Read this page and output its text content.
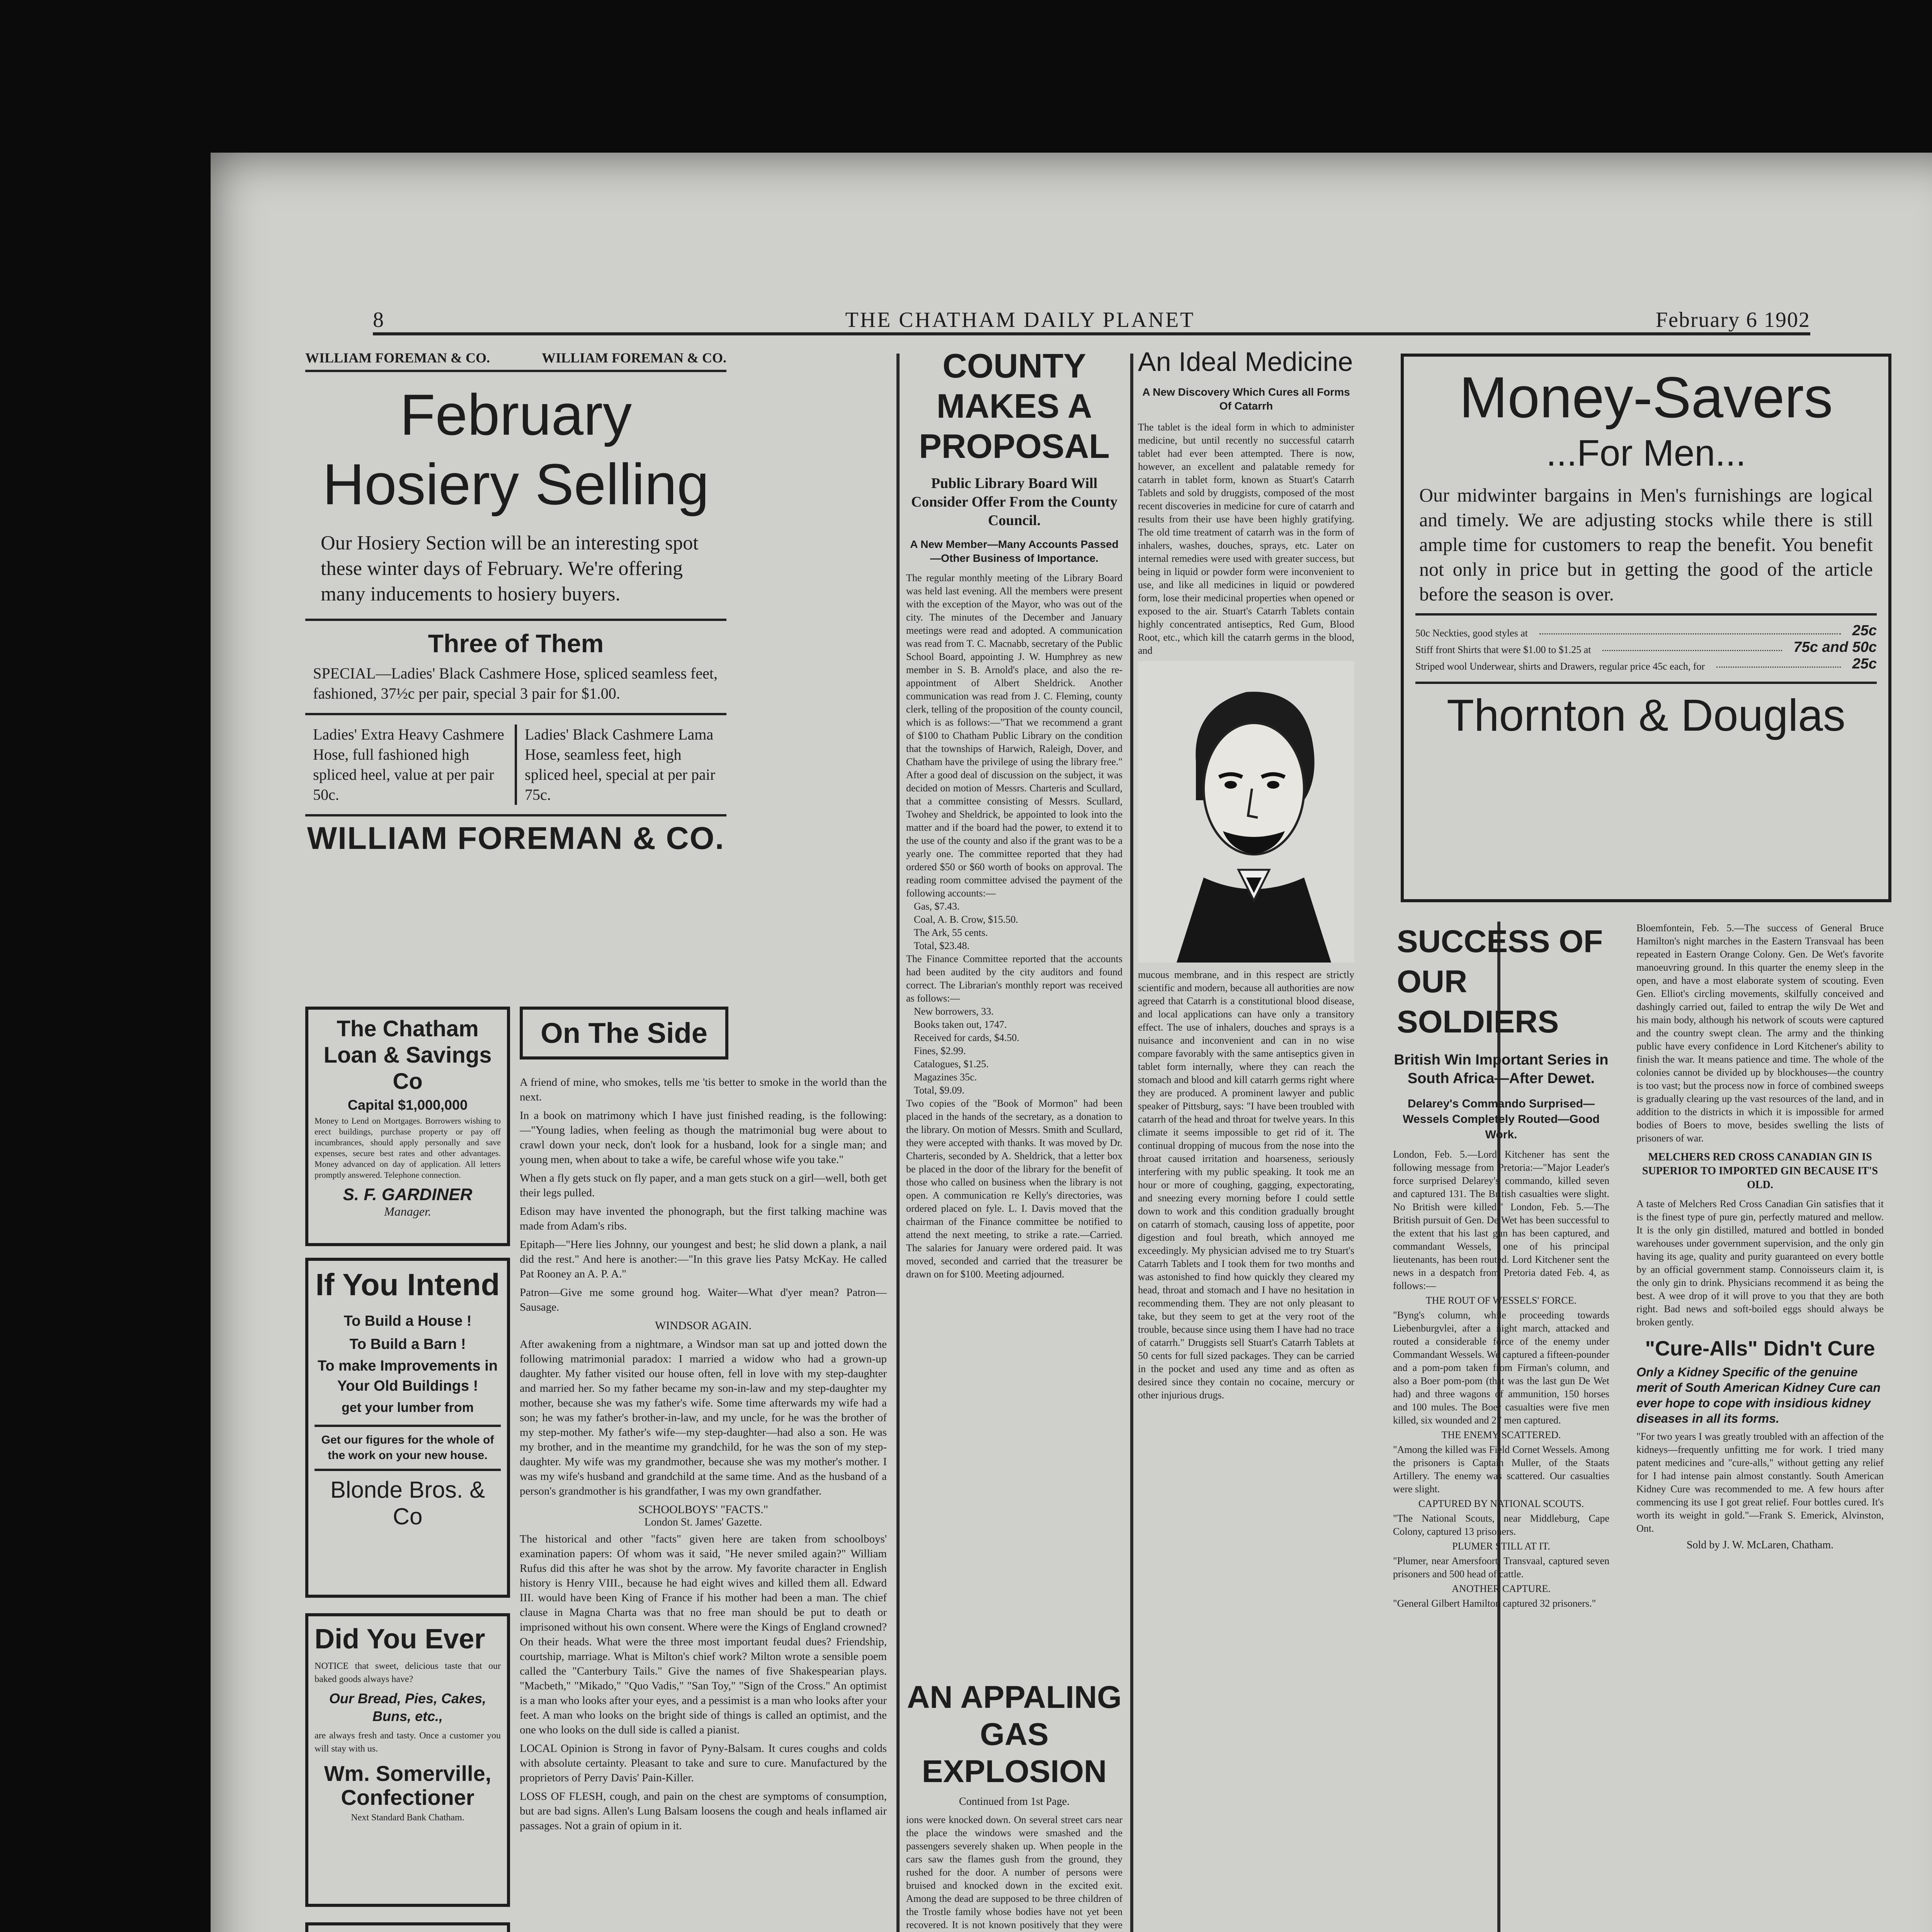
8	THE CHATHAM DAILY PLANET	February 6 1902
WILLIAM FOREMAN & CO.	WILLIAM FOREMAN & CO.
February Hosiery Selling
Our Hosiery Section will be an interesting spot these winter days of February. We're offering many inducements to hosiery buyers.
Three of Them
SPECIAL—Ladies' Black Cashmere Hose, spliced seamless feet, fashioned, 37½c per pair, special 3 pair for $1.00.
Ladies' Extra Heavy Cashmere Hose, full fashioned high spliced heel, value at per pair 50c.
Ladies' Black Cashmere Lama Hose, seamless feet, high spliced heel, special at per pair 75c.
WILLIAM FOREMAN & CO.
The Chatham Loan & Savings Co
Capital $1,000,000
Money to Lend on Mortgages. Borrowers wishing to erect buildings, purchase property or pay off incumbrances, should apply personally and save expenses, secure best rates and other advantages. Money advanced on day of application. All letters promptly answered. Telephone connection.
S. F. GARDINER
Manager.
If You Intend
To Build a House !
To Build a Barn !
To make Improvements in Your Old Buildings !
get your lumber from
Get our figures for the whole of the work on your new house.
Blonde Bros. & Co
Did You Ever
NOTICE that sweet, delicious taste that our baked goods always have?
Our Bread, Pies, Cakes, Buns, etc.,
are always fresh and tasty. Once a customer you will stay with us.
Wm. Somerville, Confectioner
Next Standard Bank Chatham.
On The Side
A friend of mine, who smokes, tells me 'tis better to smoke in the world than the next.
In a book on matrimony which I have just finished reading, is the following:—"Young ladies, when feeling as though the matrimonial bug were about to crawl down your neck, don't look for a husband, look for a single man; and young men, when about to take a wife, be careful whose wife you take."
When a fly gets stuck on fly paper, and a man gets stuck on a girl—well, both get their legs pulled.
Edison may have invented the phonograph, but the first talking machine was made from Adam's ribs.
Epitaph—"Here lies Johnny, our youngest and best; he slid down a plank, a nail did the rest." And here is another:—"In this grave lies Patsy McKay. He called Pat Rooney an A. P. A."
Patron—Give me some ground hog. Waiter—What d'yer mean? Patron—Sausage.
WINDSOR AGAIN.
After awakening from a nightmare, a Windsor man sat up and jotted down the following matrimonial paradox: I married a widow who had a grown-up daughter. My father visited our house often, fell in love with my step-daughter and married her. So my father became my son-in-law and my step-daughter my mother, because she was my father's wife. Some time afterwards my wife had a son; he was my father's brother-in-law, and my uncle, for he was the brother of my step-mother. My father's wife—my step-daughter—had also a son. He was my brother, and in the meantime my grandchild, for he was the son of my step-daughter. My wife was my grandmother, because she was my mother's mother. I was my wife's husband and grandchild at the same time. And as the husband of a person's grandmother is his grandfather, I was my own grandfather.
SCHOOLBOYS' "FACTS."
London St. James' Gazette.
The historical and other "facts" given here are taken from schoolboys' examination papers: Of whom was it said, "He never smiled again?" William Rufus did this after he was shot by the arrow. My favorite character in English history is Henry VIII., because he had eight wives and killed them all. Edward III. would have been King of France if his mother had been a man. The chief clause in Magna Charta was that no free man should be put to death or imprisoned without his own consent. Where were the Kings of England crowned? On their heads. What were the three most important feudal dues? Friendship, courtship, marriage. What is Milton's chief work? Milton wrote a sensible poem called the "Canterbury Tails." Give the names of five Shakespearian plays. "Macbeth," "Mikado," "Quo Vadis," "San Toy," "Sign of the Cross." An optimist is a man who looks after your eyes, and a pessimist is a man who looks after your feet. A man who looks on the bright side of things is called an optimist, and the one who looks on the dull side is called a pianist.
LOCAL Opinion is Strong in favor of Pyny-Balsam. It cures coughs and colds with absolute certainty. Pleasant to take and sure to cure. Manufactured by the proprietors of Perry Davis' Pain-Killer.
LOSS OF FLESH, cough, and pain on the chest are symptoms of consumption, but are bad signs. Allen's Lung Balsam loosens the cough and heals inflamed air passages. Not a grain of opium in it.
COUNTY MAKES A PROPOSAL
Public Library Board Will Consider Offer From the County Council.
A New Member—Many Accounts Passed—Other Business of Importance.
The regular monthly meeting of the Library Board was held last evening. All the members were present with the exception of the Mayor, who was out of the city. The minutes of the December and January meetings were read and adopted. A communication was read from T. C. Macnabb, secretary of the Public School Board, appointing J. W. Humphrey as new member in S. B. Arnold's place, and also the re-appointment of Albert Sheldrick. Another communication was read from J. C. Fleming, county clerk, telling of the proposition of the county council, which is as follows:—"That we recommend a grant of $100 to Chatham Public Library on the condition that the townships of Harwich, Raleigh, Dover, and Chatham have the privilege of using the library free." After a good deal of discussion on the subject, it was decided on motion of Messrs. Charteris and Scullard, that a committee consisting of Messrs. Scullard, Twohey and Sheldrick, be appointed to look into the matter and if the board had the power, to extend it to the use of the county and also if the grant was to be a yearly one. The committee reported that they had ordered $50 or $60 worth of books on approval. The reading room committee advised the payment of the following accounts:—
Gas, $7.43.
Coal, A. B. Crow, $15.50.
The Ark, 55 cents.
Total, $23.48.
The Finance Committee reported that the accounts had been audited by the city auditors and found correct. The Librarian's monthly report was received as follows:—
New borrowers, 33.
Books taken out, 1747.
Received for cards, $4.50.
Fines, $2.99.
Catalogues, $1.25.
Magazines 35c.
Total, $9.09.
Two copies of the "Book of Mormon" had been placed in the hands of the secretary, as a donation to the library. On motion of Messrs. Smith and Scullard, they were accepted with thanks. It was moved by Dr. Charteris, seconded by A. Sheldrick, that a letter box be placed in the door of the library for the benefit of those who called on business when the library is not open. A communication re Kelly's directories, was ordered placed on fyle. L. I. Davis moved that the chairman of the Finance committee be notified to attend the next meeting, to strike a rate.—Carried. The salaries for January were ordered paid. It was moved, seconded and carried that the treasurer be drawn on for $100. Meeting adjourned.
AN APPALING GAS EXPLOSION
Continued from 1st Page.
ions were knocked down. On several street cars near the place the windows were smashed and the passengers severely shaken up. When people in the cars saw the flames gush from the ground, they rushed for the door. A number of persons were bruised and knocked down in the excited exit. Among the dead are supposed to be three children of the Trostle family whose bodies have not yet been recovered. It is not known positively that they were
An Ideal Medicine
A New Discovery Which Cures all Forms Of Catarrh
The tablet is the ideal form in which to administer medicine, but until recently no successful catarrh tablet had ever been attempted. There is now, however, an excellent and palatable remedy for catarrh in tablet form, known as Stuart's Catarrh Tablets and sold by druggists, composed of the most recent discoveries in medicine for cure of catarrh and results from their use have been highly gratifying. The old time treatment of catarrh was in the form of inhalers, washes, douches, sprays, etc. Later on internal remedies were used with greater success, but being in liquid or powder form were inconvenient to use, and like all medicines in liquid or powdered form, lose their medicinal properties when opened or exposed to the air. Stuart's Catarrh Tablets contain highly concentrated antiseptics, Red Gum, Blood Root, etc., which kill the catarrh germs in the blood, and
mucous membrane, and in this respect are strictly scientific and modern, because all authorities are now agreed that Catarrh is a constitutional blood disease, and local applications can have only a transitory effect. The use of inhalers, douches and sprays is a nuisance and inconvenient and can in no wise compare favorably with the same antiseptics given in tablet form internally, where they can reach the stomach and blood and kill catarrh germs right where they are produced. A prominent lawyer and public speaker of Pittsburg, says: "I have been troubled with catarrh of the head and throat for twelve years. In this climate it seems impossible to get rid of it. The continual dropping of mucous from the nose into the throat caused irritation and hoarseness, seriously interfering with my public speaking. It took me an hour or more of coughing, gagging, expectorating, and sneezing every morning before I could settle down to work and this condition gradually brought on catarrh of stomach, causing loss of appetite, poor digestion and foul breath, which annoyed me exceedingly. My physician advised me to try Stuart's Catarrh Tablets and I took them for two months and was astonished to find how quickly they cleared my head, throat and stomach and I have no hesitation in recommending them. They are not only pleasant to take, but they seem to get at the very root of the trouble, because since using them I have had no trace of catarrh." Druggists sell Stuart's Catarrh Tablets at 50 cents for full sized packages. They can be carried in the pocket and used any time and as often as desired since they contain no cocaine, mercury or other injurious drugs.
Money-Savers
...For Men...
Our midwinter bargains in Men's furnishings are logical and timely. We are adjusting stocks while there is still ample time for customers to reap the benefit. You benefit not only in price but in getting the good of the article before the season is over.
50c Neckties, good styles at	25c
Stiff front Shirts that were $1.00 to $1.25 at	75c and 50c
Striped wool Underwear, shirts and Drawers, regular price 45c each, for	25c
Thornton & Douglas
SUCCESS OF OUR SOLDIERS
British Win Important Series in South Africa—After Dewet.
Delarey's Commando Surprised—Wessels Completely Routed—Good Work.
London, Feb. 5.—Lord Kitchener has sent the following message from Pretoria:—"Major Leader's force surprised Delarey's commando, killed seven and captured 131. The British casualties were slight. No British were killed." London, Feb. 5.—The British pursuit of Gen. De Wet has been successful to the extent that his last gun has been captured, and commandant Wessels, one of his principal lieutenants, has been routed. Lord Kitchener sent the news in a despatch from Pretoria dated Feb. 4, as follows:—
THE ROUT OF WESSELS' FORCE.
"Byng's column, while proceeding towards Liebenburgvlei, after a night march, attacked and routed a considerable force of the enemy under Commandant Wessels. We captured a fifteen-pounder and a pom-pom taken from Firman's column, and also a Boer pom-pom (that was the last gun De Wet had) and three wagons of ammunition, 150 horses and 100 mules. The Boer casualties were five men killed, six wounded and 27 men captured.
THE ENEMY SCATTERED.
"Among the killed was Field Cornet Wessels. Among the prisoners is Captain Muller, of the Staats Artillery. The enemy was scattered. Our casualties were slight.
CAPTURED BY NATIONAL SCOUTS.
"The National Scouts, near Middleburg, Cape Colony, captured 13 prisoners.
PLUMER STILL AT IT.
"Plumer, near Amersfoort, Transvaal, captured seven prisoners and 500 head of cattle.
ANOTHER CAPTURE.
"General Gilbert Hamilton captured 32 prisoners."
Bloemfontein, Feb. 5.—The success of General Bruce Hamilton's night marches in the Eastern Transvaal has been repeated in Eastern Orange Colony. Gen. De Wet's favorite manoeuvring ground. In this quarter the enemy sleep in the open, and have a most elaborate system of scouting. Even Gen. Elliot's circling movements, skilfully conceived and dashingly carried out, failed to entrap the wily De Wet and his main body, although his network of scouts were captured and the country swept clean. The army and the thinking public have every confidence in Lord Kitchener's ability to finish the war. It means patience and time. The whole of the colonies cannot be divided up by blockhouses—the country is too vast; but the process now in force of combined sweeps is gradually clearing up the vast resources of the land, and in addition to the districts in which it is impossible for armed bodies of Boers to move, besides swelling the lists of prisoners of war.
MELCHERS RED CROSS CANADIAN GIN IS SUPERIOR TO IMPORTED GIN BECAUSE IT'S OLD.
A taste of Melchers Red Cross Canadian Gin satisfies that it is the finest type of pure gin, perfectly matured and mellow. It is the only gin distilled, matured and bottled in bonded warehouses under government supervision, and the only gin having its age, quality and purity guaranteed on every bottle by an official government stamp. Connoisseurs claim it, is the only gin to drink. Physicians recommend it as being the best. A wee drop of it will prove to you that they are both right. Bad news and soft-boiled eggs should always be broken gently.
"Cure-Alls" Didn't Cure
Only a Kidney Specific of the genuine merit of South American Kidney Cure can ever hope to cope with insidious kidney diseases in all its forms.
"For two years I was greatly troubled with an affection of the kidneys—frequently unfitting me for work. I tried many patent medicines and "cure-alls," without getting any relief for I had intense pain almost constantly. South American Kidney Cure was recommended to me. A few hours after commencing its use I got great relief. Four bottles cured. It's worth its weight in gold."—Frank S. Emerick, Alvinston, Ont.
Sold by J. W. McLaren, Chatham.
